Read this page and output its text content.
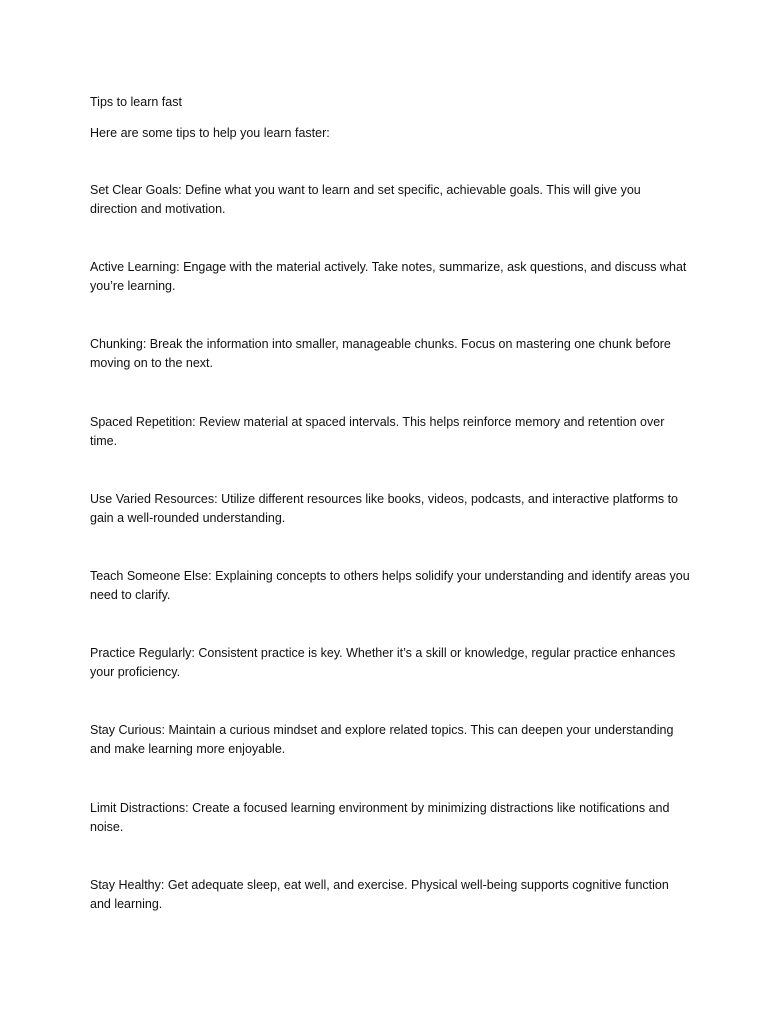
Tips to learn fast

Here are some tips to help you learn faster:

Set Clear Goals: Define what you want to learn and set specific, achievable goals. This will give you direction and motivation.
Active Learning: Engage with the material actively. Take notes, summarize, ask questions, and discuss what you’re learning.
Chunking: Break the information into smaller, manageable chunks. Focus on mastering one chunk before moving on to the next.
Spaced Repetition: Review material at spaced intervals. This helps reinforce memory and retention over time.
Use Varied Resources: Utilize different resources like books, videos, podcasts, and interactive platforms to gain a well-rounded understanding.
Teach Someone Else: Explaining concepts to others helps solidify your understanding and identify areas you need to clarify.
Practice Regularly: Consistent practice is key. Whether it’s a skill or knowledge, regular practice enhances your proficiency.
Stay Curious: Maintain a curious mindset and explore related topics. This can deepen your understanding and make learning more enjoyable.
Limit Distractions: Create a focused learning environment by minimizing distractions like notifications and noise.
Stay Healthy: Get adequate sleep, eat well, and exercise. Physical well-being supports cognitive function and learning.
